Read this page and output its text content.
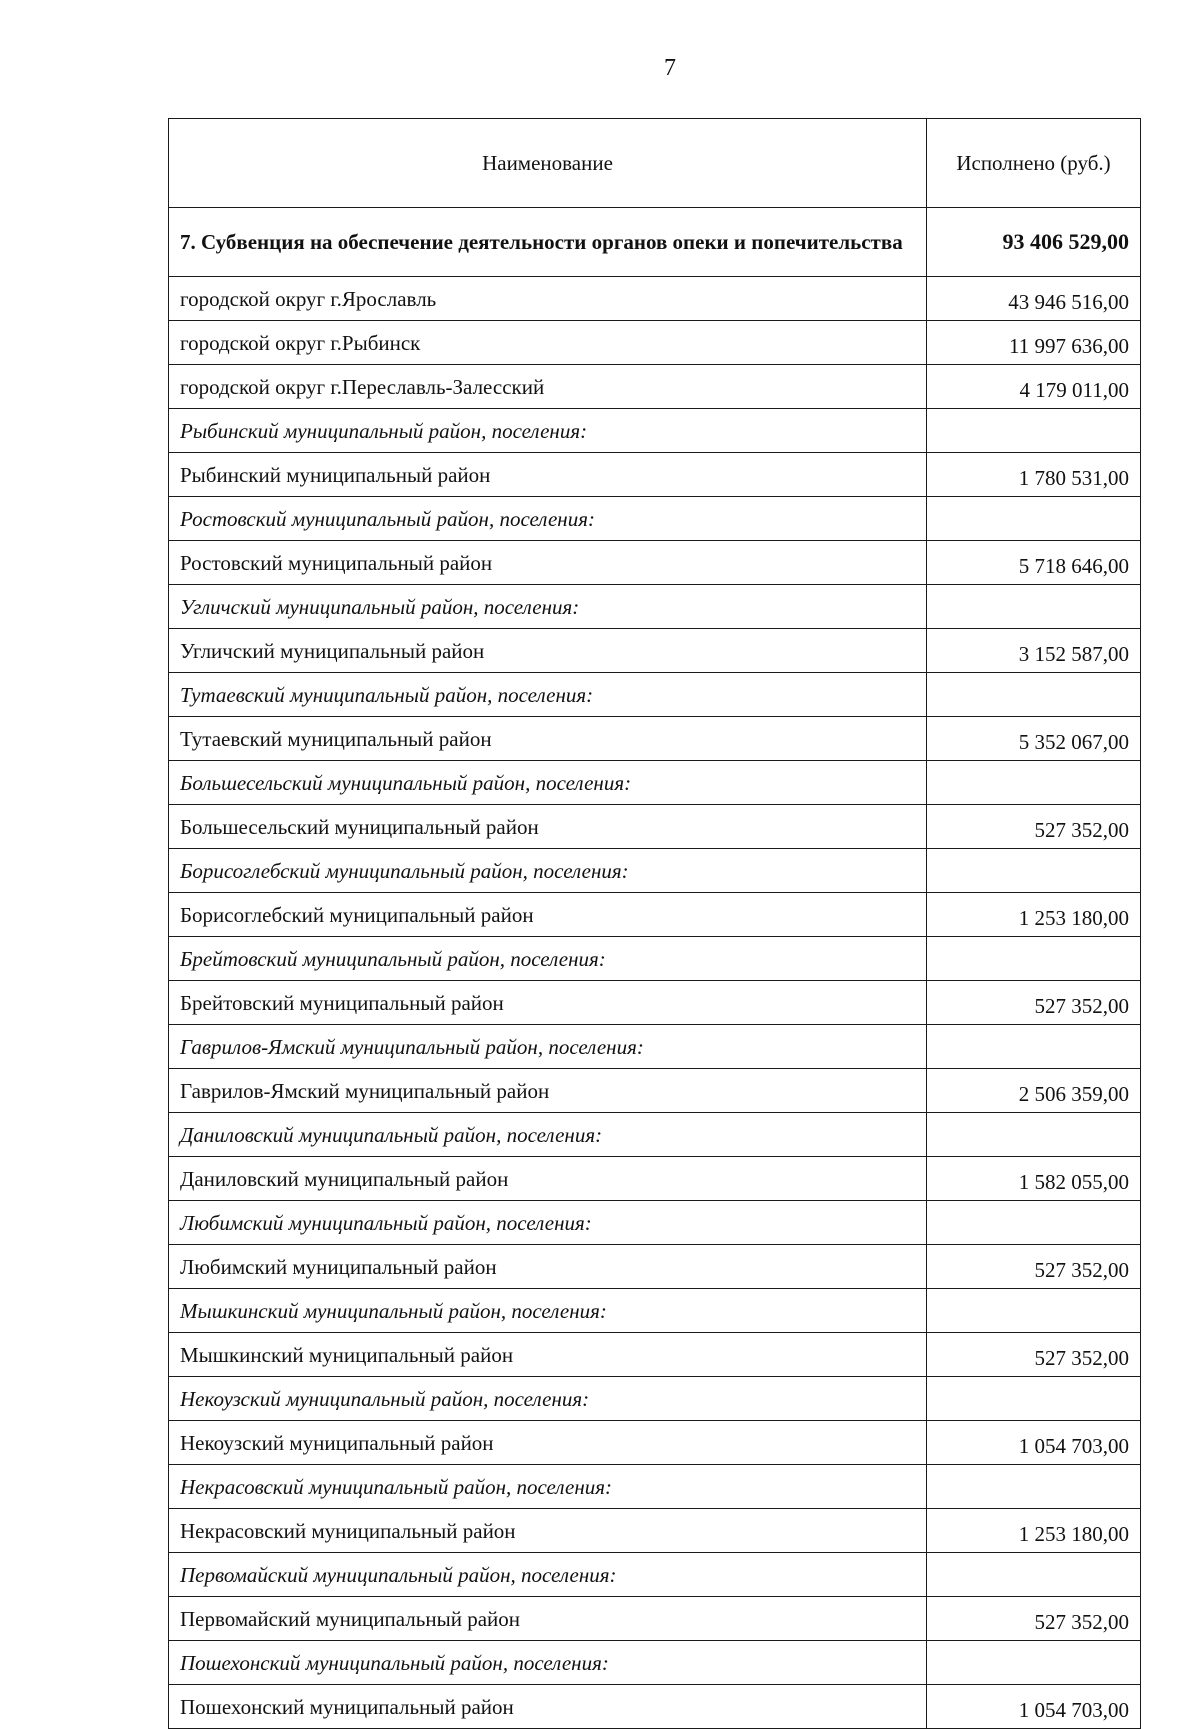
7
Наименование	Исполнено (руб.)
7. Субвенция на обеспечение деятельности органов опеки и попечительства	93 406 529,00
городской округ г.Ярославль	43 946 516,00
городской округ г.Рыбинск	11 997 636,00
городской округ г.Переславль-Залесский	4 179 011,00
Рыбинский муниципальный район, поселения:	
Рыбинский муниципальный район	1 780 531,00
Ростовский муниципальный район, поселения:	
Ростовский муниципальный район	5 718 646,00
Угличский муниципальный район, поселения:	
Угличский муниципальный район	3 152 587,00
Тутаевский муниципальный район, поселения:	
Тутаевский муниципальный район	5 352 067,00
Большесельский муниципальный район, поселения:	
Большесельский муниципальный район	527 352,00
Борисоглебский муниципальный район, поселения:	
Борисоглебский муниципальный район	1 253 180,00
Брейтовский муниципальный район, поселения:	
Брейтовский муниципальный район	527 352,00
Гаврилов-Ямский муниципальный район, поселения:	
Гаврилов-Ямский муниципальный район	2 506 359,00
Даниловский муниципальный район, поселения:	
Даниловский муниципальный район	1 582 055,00
Любимский муниципальный район, поселения:	
Любимский муниципальный район	527 352,00
Мышкинский муниципальный район, поселения:	
Мышкинский муниципальный район	527 352,00
Некоузский муниципальный район, поселения:	
Некоузский муниципальный район	1 054 703,00
Некрасовский муниципальный район, поселения:	
Некрасовский муниципальный район	1 253 180,00
Первомайский муниципальный район, поселения:	
Первомайский муниципальный район	527 352,00
Пошехонский муниципальный район, поселения:	
Пошехонский муниципальный район	1 054 703,00
